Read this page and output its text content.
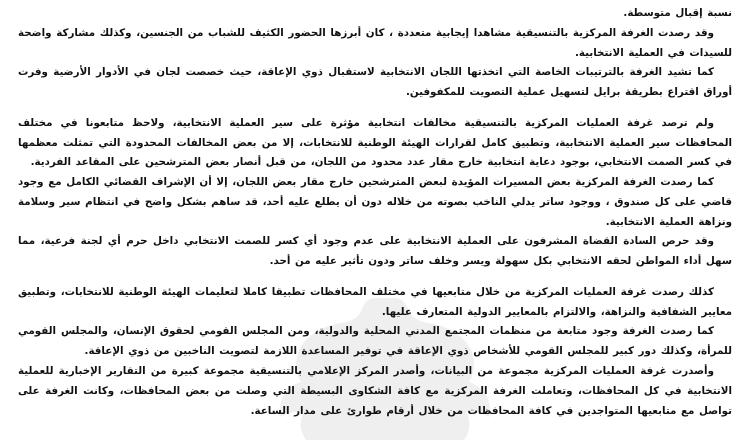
نسبة إقبال متوسطة.

وقد رصدت الغرفة المركزية بالتنسيقية مشاهدا إيجابية متعددة ، كان أبرزها الحضور الكثيف للشباب من الجنسين، وكذلك مشاركة واضحة للسيدات في العملية الانتخابية.

كما تشيد الغرفة بالترتيبات الخاصة التي اتخذتها اللجان الانتخابية لاستقبال ذوي الإعاقة، حيث خصصت لجان في الأدوار الأرضية وفرت أوراق اقتراع بطريقة برايل لتسهيل عملية التصويت للمكفوفين.

ولم ترصد غرفة العمليات المركزية بالتنسيقية مخالفات انتخابية مؤثرة على سير العملية الانتخابية، ولاحظ متابعونا في مختلف المحافظات سير العملية الانتخابية، وتطبيق كامل لقرارات الهيئة الوطنية للانتخابات، إلا من بعض المخالفات المحدودة التي تمثلت معظمها في كسر الصمت الانتخابي، بوجود دعاية انتخابية خارج مقار عدد محدود من اللجان، من قبل أنصار بعض المترشحين على المقاعد الفردية.

كما رصدت الغرفة المركزية بعض المسيرات المؤيدة لبعض المترشحين خارج مقار بعض اللجان، إلا أن الإشراف القضائي الكامل مع وجود قاضي على كل صندوق ، ووجود ساتر يدلي الناخب بصوته من خلاله دون أن يطلع عليه أحد، قد ساهم بشكل واضح في انتظام سير وسلامة ونزاهة العملية الانتخابية.

وقد حرص السادة القضاة المشرفون على العملية الانتخابية على عدم وجود أي كسر للصمت الانتخابي داخل حرم أي لجنة فرعية، مما سهل أداء المواطن لحقه الانتخابي بكل سهولة ويسر وخلف ساتر ودون تأثير عليه من أحد.

كذلك رصدت غرفة العمليات المركزية من خلال متابعيها في مختلف المحافظات تطبيقا كاملا لتعليمات الهيئة الوطنية للانتخابات، وتطبيق معايير الشفافية والنزاهة، والالتزام بالمعايير الدولية المتعارف عليها.

كما رصدت الغرفة وجود متابعة من منظمات المجتمع المدني المحلية والدولية، ومن المجلس القومي لحقوق الإنسان، والمجلس القومي للمرأة، وكذلك دور كبير للمجلس القومي للأشخاص ذوي الإعاقة في توفير المساعدة اللازمة لتصويت الناخبين من ذوي الإعاقة.

وأصدرت غرفة العمليات المركزية مجموعة من البيانات، وأصدر المركز الإعلامي بالتنسيقية مجموعة كبيرة من التقارير الإخبارية للعملية الانتخابية في كل المحافظات، وتعاملت الغرفة المركزية مع كافة الشكاوى البسيطة التي وصلت من بعض المحافظات، وكانت الغرفة على تواصل مع متابعيها المتواجدين في كافة المحافظات من خلال أرقام طوارئ على مدار الساعة.
